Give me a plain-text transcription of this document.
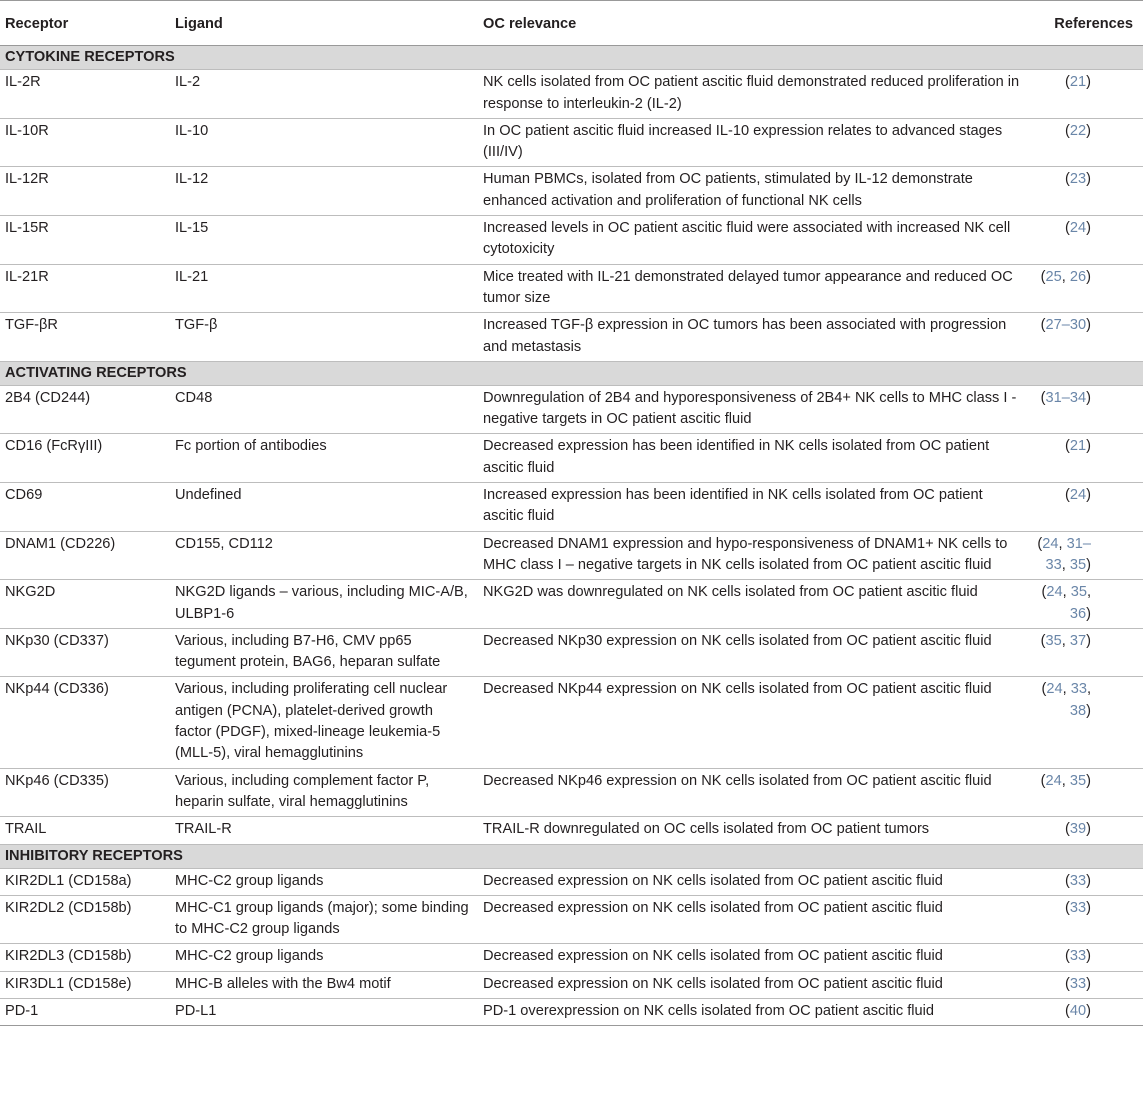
Receptor	Ligand	OC relevance	References
CYTOKINE RECEPTORS			
IL-2R	IL-2	NK cells isolated from OC patient ascitic fluid demonstrated reduced proliferation in response to interleukin-2 (IL-2)	(21)
IL-10R	IL-10	In OC patient ascitic fluid increased IL-10 expression relates to advanced stages (III/IV)	(22)
IL-12R	IL-12	Human PBMCs, isolated from OC patients, stimulated by IL-12 demonstrate enhanced activation and proliferation of functional NK cells	(23)
IL-15R	IL-15	Increased levels in OC patient ascitic fluid were associated with increased NK cell cytotoxicity	(24)
IL-21R	IL-21	Mice treated with IL-21 demonstrated delayed tumor appearance and reduced OC tumor size	(25, 26)
TGF-βR	TGF-β	Increased TGF-β expression in OC tumors has been associated with progression and metastasis	(27–30)
ACTIVATING RECEPTORS			
2B4 (CD244)	CD48	Downregulation of 2B4 and hyporesponsiveness of 2B4+ NK cells to MHC class I -negative targets in OC patient ascitic fluid	(31–34)
CD16 (FcRγIII)	Fc portion of antibodies	Decreased expression has been identified in NK cells isolated from OC patient ascitic fluid	(21)
CD69	Undefined	Increased expression has been identified in NK cells isolated from OC patient ascitic fluid	(24)
DNAM1 (CD226)	CD155, CD112	Decreased DNAM1 expression and hypo-responsiveness of DNAM1+ NK cells to MHC class I – negative targets in NK cells isolated from OC patient ascitic fluid	(24, 31–33, 35)
NKG2D	NKG2D ligands – various, including MIC-A/B, ULBP1-6	NKG2D was downregulated on NK cells isolated from OC patient ascitic fluid	(24, 35, 36)
NKp30 (CD337)	Various, including B7-H6, CMV pp65 tegument protein, BAG6, heparan sulfate	Decreased NKp30 expression on NK cells isolated from OC patient ascitic fluid	(35, 37)
NKp44 (CD336)	Various, including proliferating cell nuclear antigen (PCNA), platelet-derived growth factor (PDGF), mixed-lineage leukemia-5 (MLL-5), viral hemagglutinins	Decreased NKp44 expression on NK cells isolated from OC patient ascitic fluid	(24, 33, 38)
NKp46 (CD335)	Various, including complement factor P, heparin sulfate, viral hemagglutinins	Decreased NKp46 expression on NK cells isolated from OC patient ascitic fluid	(24, 35)
TRAIL	TRAIL-R	TRAIL-R downregulated on OC cells isolated from OC patient tumors	(39)
INHIBITORY RECEPTORS			
KIR2DL1 (CD158a)	MHC-C2 group ligands	Decreased expression on NK cells isolated from OC patient ascitic fluid	(33)
KIR2DL2 (CD158b)	MHC-C1 group ligands (major); some binding to MHC-C2 group ligands	Decreased expression on NK cells isolated from OC patient ascitic fluid	(33)
KIR2DL3 (CD158b)	MHC-C2 group ligands	Decreased expression on NK cells isolated from OC patient ascitic fluid	(33)
KIR3DL1 (CD158e)	MHC-B alleles with the Bw4 motif	Decreased expression on NK cells isolated from OC patient ascitic fluid	(33)
PD-1	PD-L1	PD-1 overexpression on NK cells isolated from OC patient ascitic fluid	(40)
